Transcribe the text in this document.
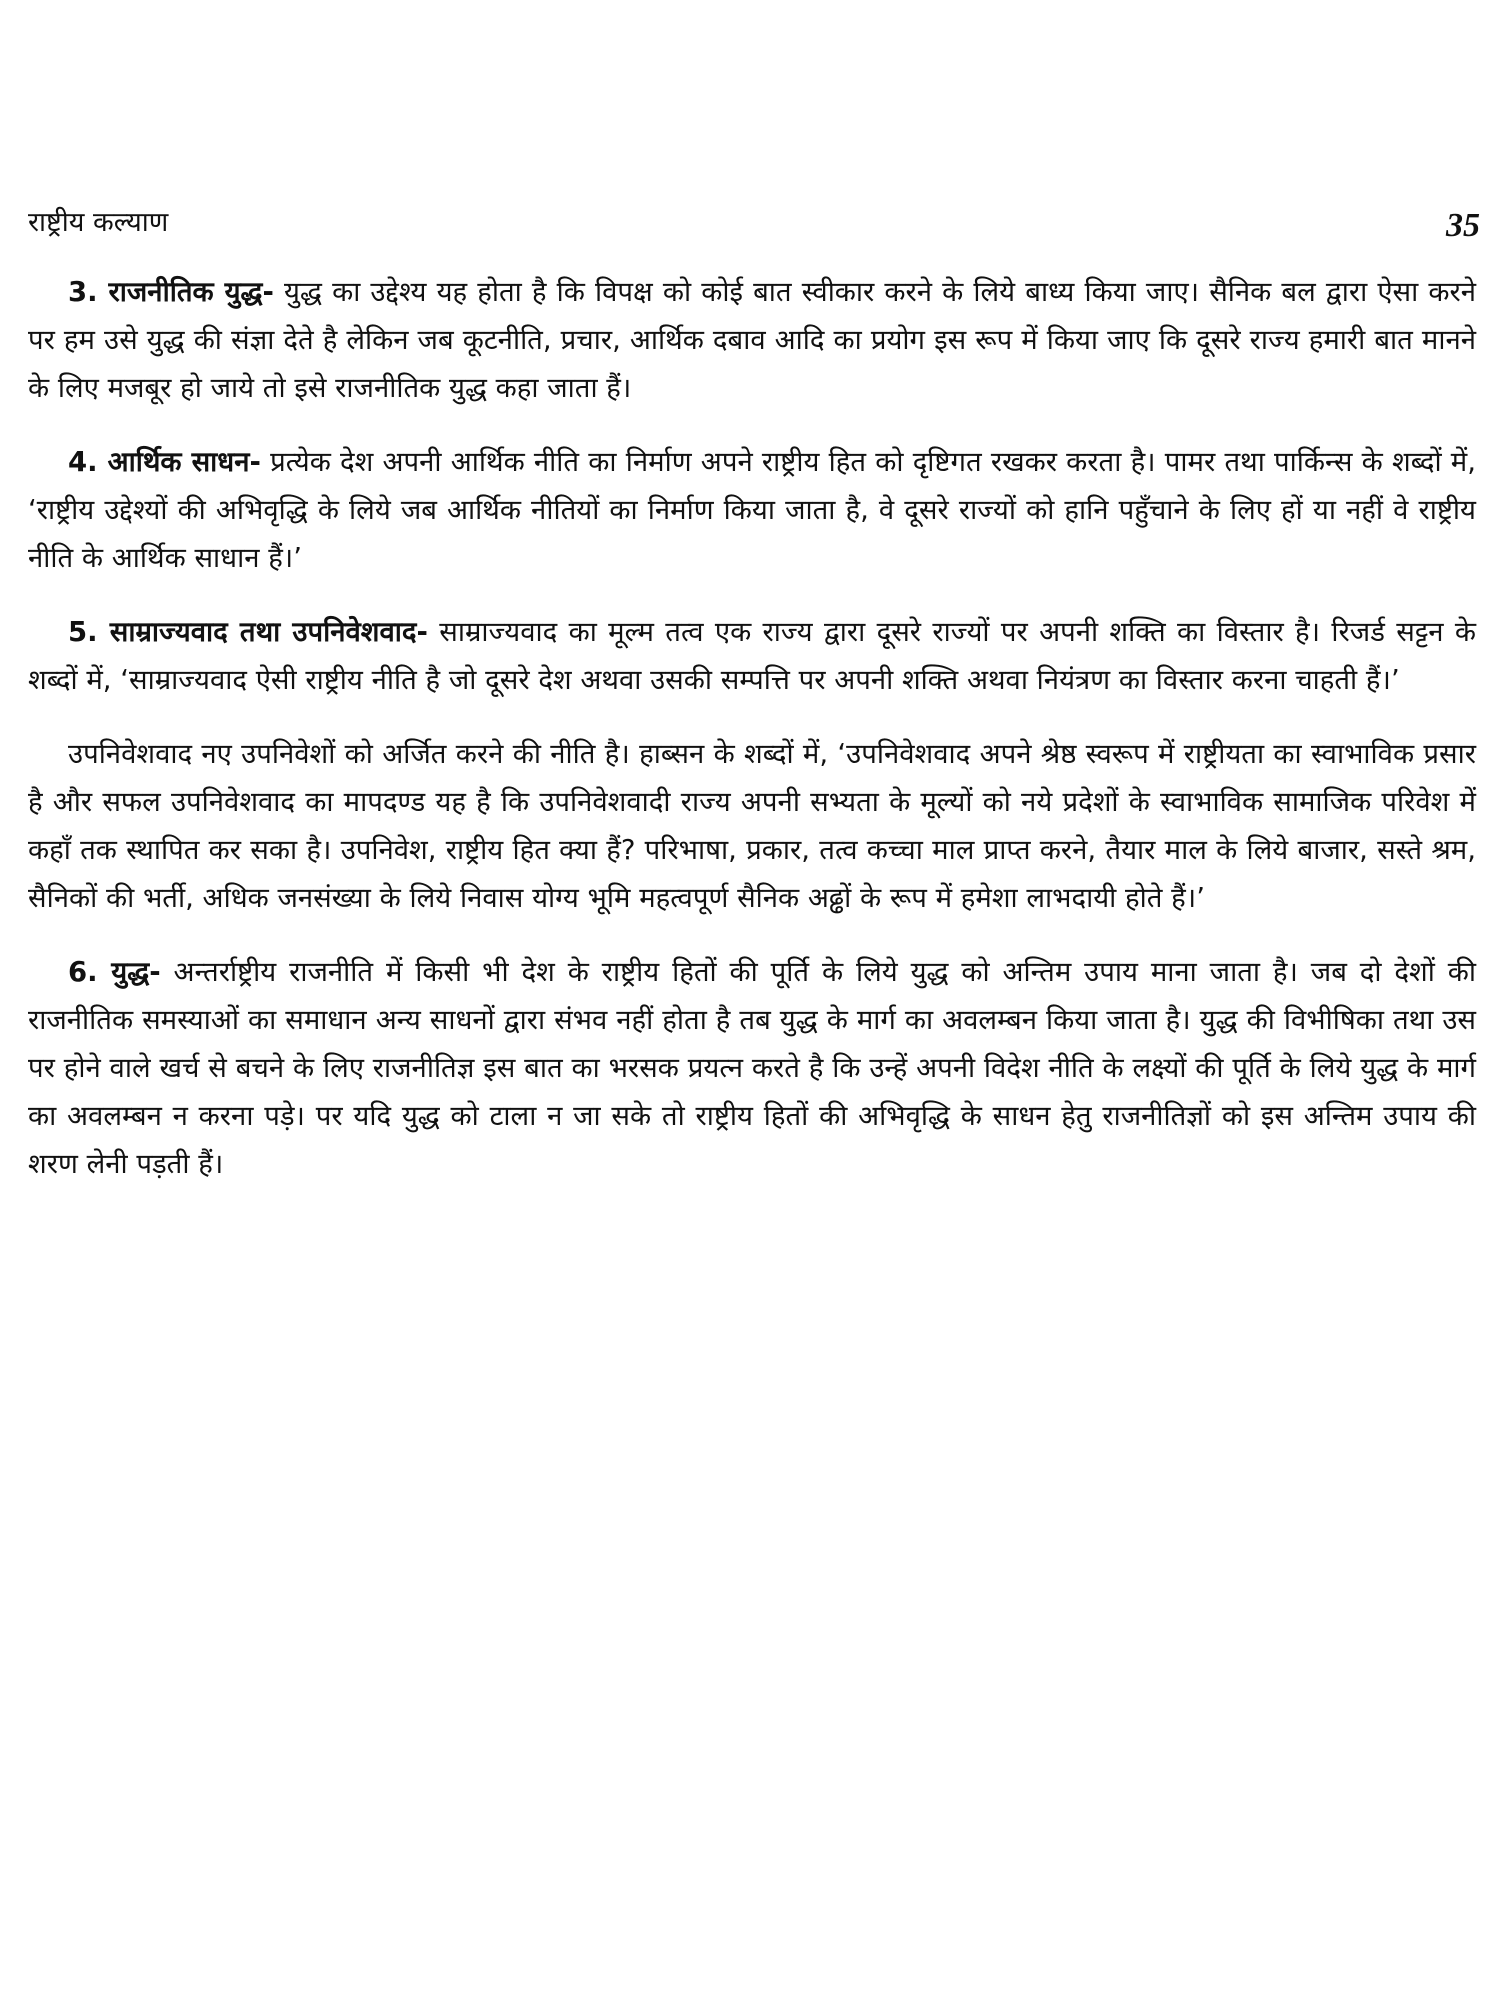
राष्ट्रीय कल्याण	35

3. राजनीतिक युद्ध- युद्ध का उद्देश्य यह होता है कि विपक्ष को कोई बात स्वीकार करने के लिये बाध्य किया जाए। सैनिक बल द्वारा ऐसा करने पर हम उसे युद्ध की संज्ञा देते है लेकिन जब कूटनीति, प्रचार, आर्थिक दबाव आदि का प्रयोग इस रूप में किया जाए कि दूसरे राज्य हमारी बात मानने के लिए मजबूर हो जाये तो इसे राजनीतिक युद्ध कहा जाता हैं।

4. आर्थिक साधन- प्रत्येक देश अपनी आर्थिक नीति का निर्माण अपने राष्ट्रीय हित को दृष्टिगत रखकर करता है। पामर तथा पार्किन्स के शब्दों में, ‘राष्ट्रीय उद्देश्यों की अभिवृद्धि के लिये जब आर्थिक नीतियों का निर्माण किया जाता है, वे दूसरे राज्यों को हानि पहुँचाने के लिए हों या नहीं वे राष्ट्रीय नीति के आर्थिक साधान हैं।’

5. साम्राज्यवाद तथा उपनिवेशवाद- साम्राज्यवाद का मूल्म तत्व एक राज्य द्वारा दूसरे राज्यों पर अपनी शक्ति का विस्तार है। रिजर्ड सट्टन के शब्दों में, ‘साम्राज्यवाद ऐसी राष्ट्रीय नीति है जो दूसरे देश अथवा उसकी सम्पत्ति पर अपनी शक्ति अथवा नियंत्रण का विस्तार करना चाहती हैं।’

उपनिवेशवाद नए उपनिवेशों को अर्जित करने की नीति है। हाब्सन के शब्दों में, ‘उपनिवेशवाद अपने श्रेष्ठ स्वरूप में राष्ट्रीयता का स्वाभाविक प्रसार है और सफल उपनिवेशवाद का मापदण्ड यह है कि उपनिवेशवादी राज्य अपनी सभ्यता के मूल्यों को नये प्रदेशों के स्वाभाविक सामाजिक परिवेश में कहाँ तक स्थापित कर सका है। उपनिवेश, राष्ट्रीय हित क्या हैं? परिभाषा, प्रकार, तत्व कच्चा माल प्राप्त करने, तैयार माल के लिये बाजार, सस्ते श्रम, सैनिकों की भर्ती, अधिक जनसंख्या के लिये निवास योग्य भूमि महत्वपूर्ण सैनिक अढ्ढों के रूप में हमेशा लाभदायी होते हैं।’

6. युद्ध- अन्तर्राष्ट्रीय राजनीति में किसी भी देश के राष्ट्रीय हितों की पूर्ति के लिये युद्ध को अन्तिम उपाय माना जाता है। जब दो देशों की राजनीतिक समस्याओं का समाधान अन्य साधनों द्वारा संभव नहीं होता है तब युद्ध के मार्ग का अवलम्बन किया जाता है। युद्ध की विभीषिका तथा उस पर होने वाले खर्च से बचने के लिए राजनीतिज्ञ इस बात का भरसक प्रयत्न करते है कि उन्हें अपनी विदेश नीति के लक्ष्यों की पूर्ति के लिये युद्ध के मार्ग का अवलम्बन न करना पड़े। पर यदि युद्ध को टाला न जा सके तो राष्ट्रीय हितों की अभिवृद्धि के साधन हेतु राजनीतिज्ञों को इस अन्तिम उपाय की शरण लेनी पड़ती हैं।
